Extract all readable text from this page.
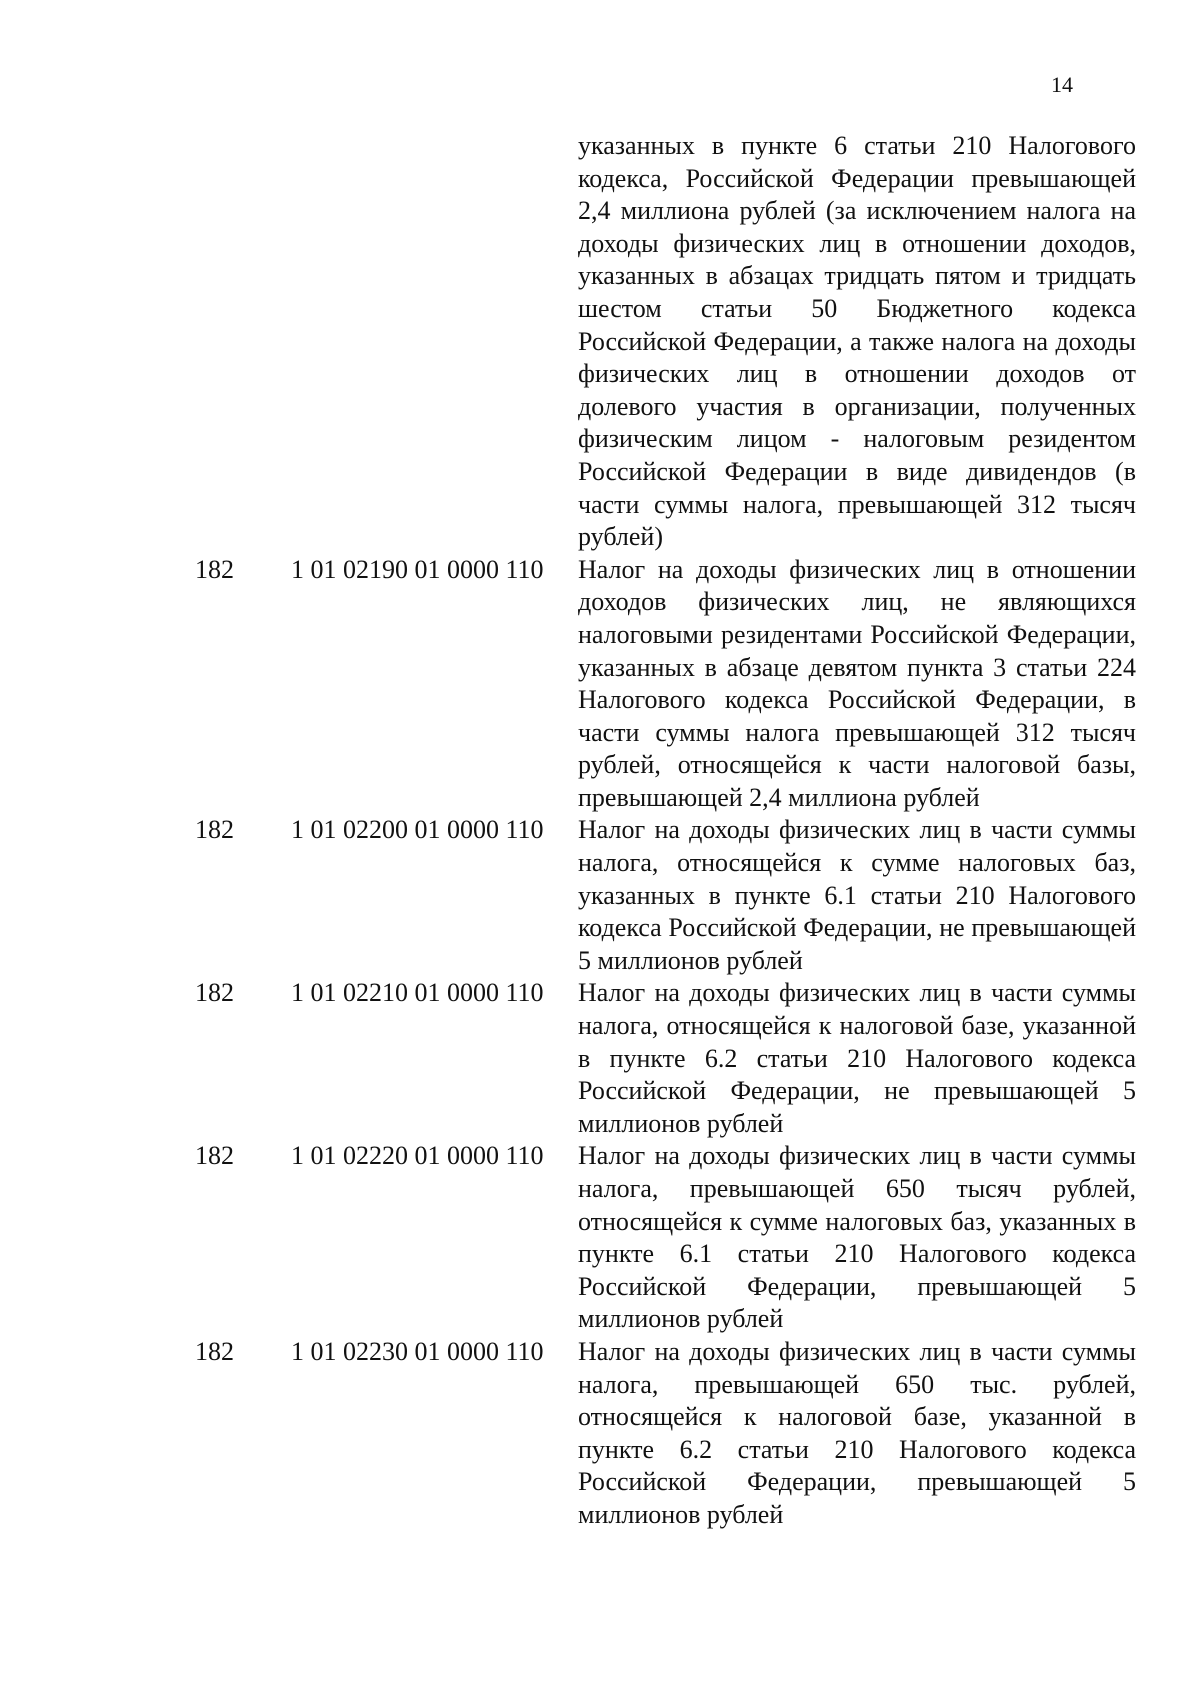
14
указанных в пункте 6 статьи 210 Налогового кодекса, Российской Федерации превышающей 2,4 миллиона рублей (за исключением налога на доходы физических лиц в отношении доходов, указанных в абзацах тридцать пятом и тридцать шестом статьи 50 Бюджетного кодекса Российской Федерации, а также налога на доходы физических лиц в отношении доходов от долевого участия в организации, полученных физическим лицом - налоговым резидентом Российской Федерации в виде дивидендов (в части суммы налога, превышающей 312 тысяч рублей)
182 1 01 02190 01 0000 110 Налог на доходы физических лиц в отношении доходов физических лиц, не являющихся налоговыми резидентами Российской Федерации, указанных в абзаце девятом пункта 3 статьи 224 Налогового кодекса Российской Федерации, в части суммы налога превышающей 312 тысяч рублей, относящейся к части налоговой базы, превышающей 2,4 миллиона рублей
182 1 01 02200 01 0000 110 Налог на доходы физических лиц в части суммы налога, относящейся к сумме налоговых баз, указанных в пункте 6.1 статьи 210 Налогового кодекса Российской Федерации, не превышающей 5 миллионов рублей
182 1 01 02210 01 0000 110 Налог на доходы физических лиц в части суммы налога, относящейся к налоговой базе, указанной в пункте 6.2 статьи 210 Налогового кодекса Российской Федерации, не превышающей 5 миллионов рублей
182 1 01 02220 01 0000 110 Налог на доходы физических лиц в части суммы налога, превышающей 650 тысяч рублей, относящейся к сумме налоговых баз, указанных в пункте 6.1 статьи 210 Налогового кодекса Российской Федерации, превышающей 5 миллионов рублей
182 1 01 02230 01 0000 110 Налог на доходы физических лиц в части суммы налога, превышающей 650 тыс. рублей, относящейся к налоговой базе, указанной в пункте 6.2 статьи 210 Налогового кодекса Российской Федерации, превышающей 5 миллионов рублей
